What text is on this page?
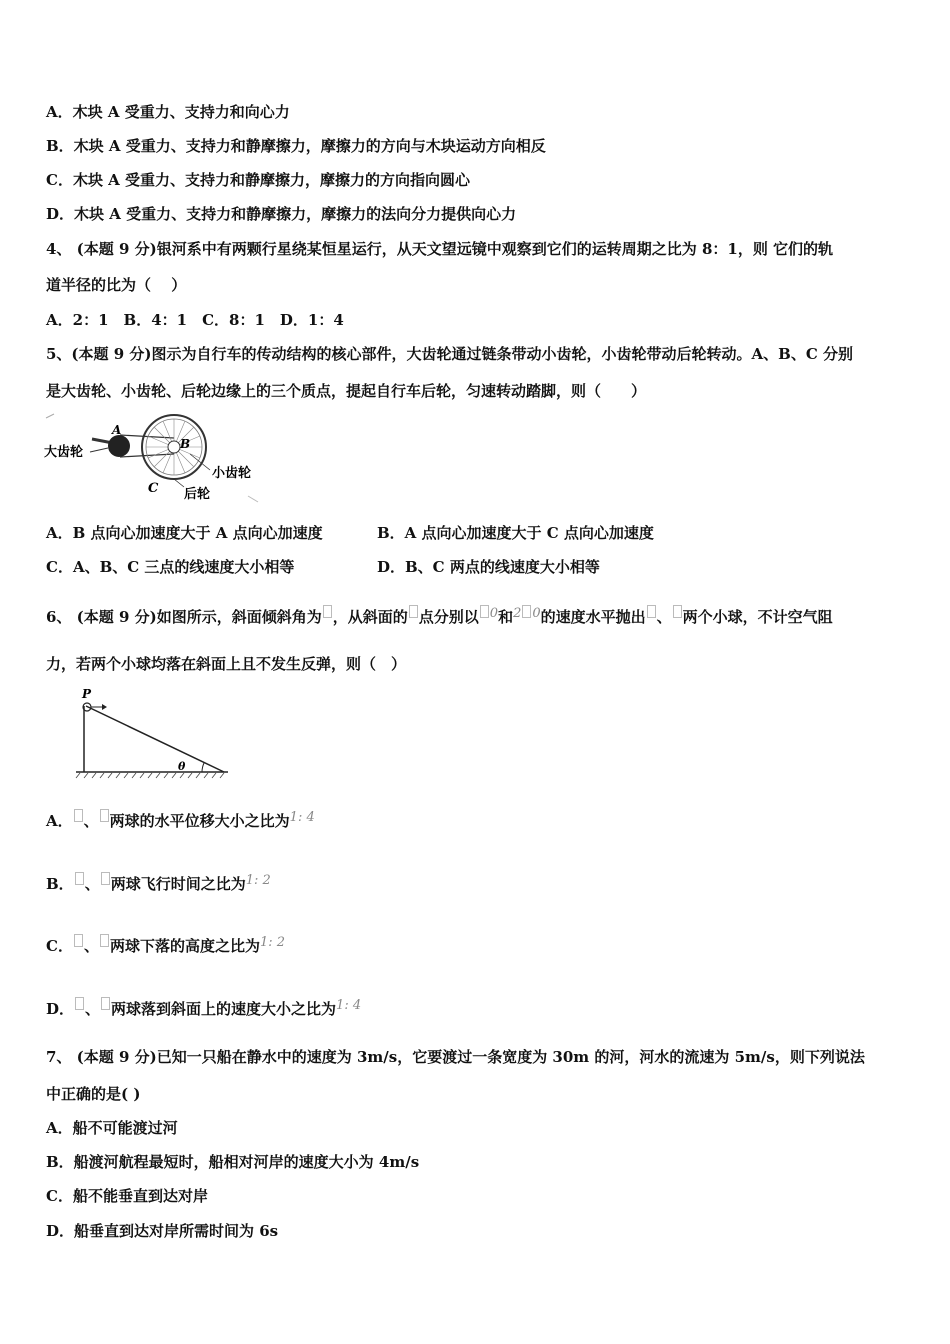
A．木块 A 受重力、支持力和向心力
B．木块 A 受重力、支持力和静摩擦力，摩擦力的方向与木块运动方向相反
C．木块 A 受重力、支持力和静摩擦力，摩擦力的方向指向圆心
D．木块 A 受重力、支持力和静摩擦力，摩擦力的法向分力提供向心力
4、 (本题 9 分)银河系中有两颗行星绕某恒星运行，从天文望远镜中观察到它们的运转周期之比为 8：1，则 它们的轨
道半径的比为（　 ）
A．2：1　B．4：1　C．8：1　D．1：4
5、(本题 9 分)图示为自行车的传动结构的核心部件，大齿轮通过链条带动小齿轮，小齿轮带动后轮转动。A、B、C 分别
是大齿轮、小齿轮、后轮边缘上的三个质点，提起自行车后轮，匀速转动踏脚，则（　　）
大齿轮
A
B
小齿轮
C 后轮
A．B 点向心加速度大于 A 点向心加速度	B．A 点向心加速度大于 C 点向心加速度
C．A、B、C 三点的线速度大小相等	D．B、C 两点的线速度大小相等
6、 (本题 9 分)如图所示，斜面倾斜角为 ，从斜面的 点分别以 0和2 0的速度水平抛出 、 两个小球，不计空气阻
力，若两个小球均落在斜面上且不发生反弹，则（　）
P
θ
A． 、 两球的水平位移大小之比为1: 4
B． 、 两球飞行时间之比为1: 2
C． 、 两球下落的高度之比为1: 2
D． 、 两球落到斜面上的速度大小之比为1: 4
7、 (本题 9 分)已知一只船在静水中的速度为 3m/s，它要渡过一条宽度为 30m 的河，河水的流速为 5m/s，则下列说法
中正确的是( )
A．船不可能渡过河
B．船渡河航程最短时，船相对河岸的速度大小为 4m/s
C．船不能垂直到达对岸
D．船垂直到达对岸所需时间为 6s
